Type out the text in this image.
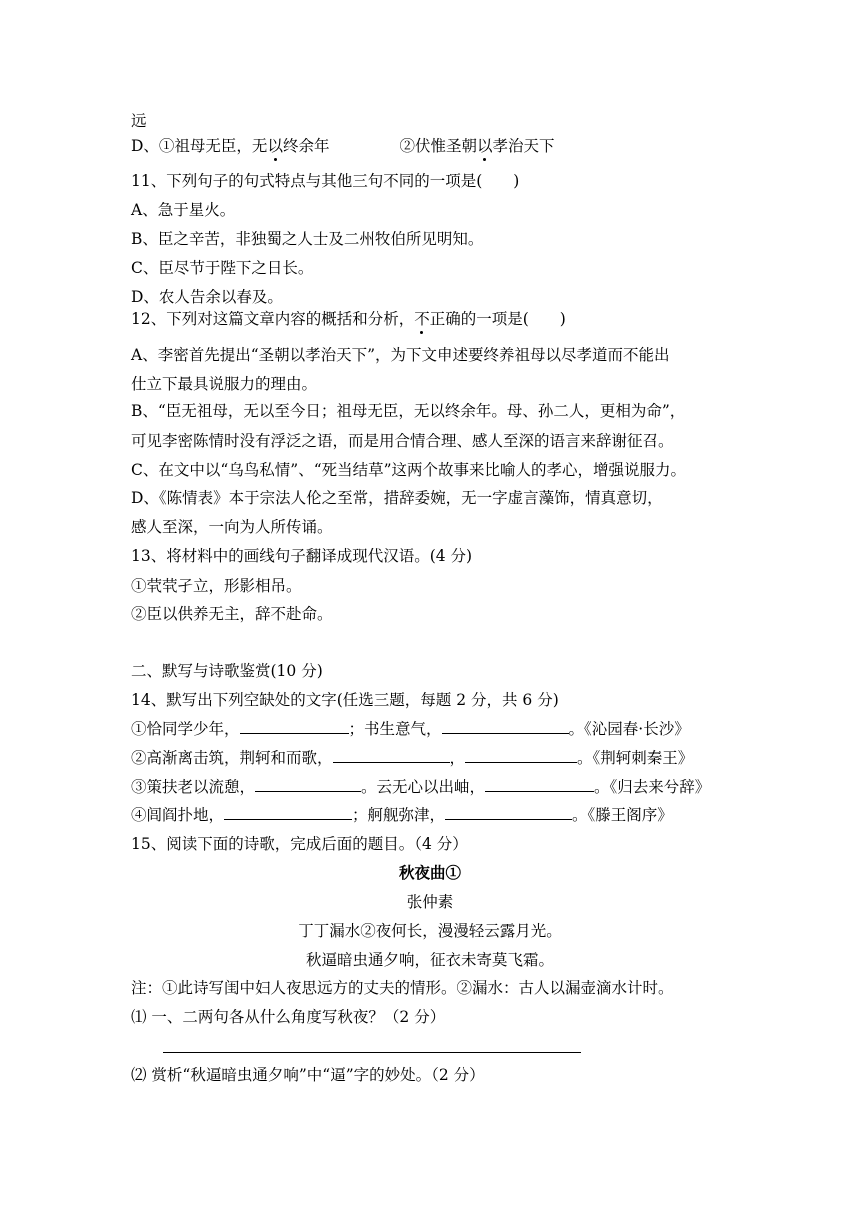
远
D、①祖母无臣，无以终余年	②伏惟圣朝以孝治天下
11、下列句子的句式特点与其他三句不同的一项是(　　)
A、急于星火。
B、臣之辛苦，非独蜀之人士及二州牧伯所见明知。
C、臣尽节于陛下之日长。
D、农人告余以春及。
12、下列对这篇文章内容的概括和分析，不正确的一项是(　　)
A、李密首先提出“圣朝以孝治天下”，为下文申述要终养祖母以尽孝道而不能出
仕立下最具说服力的理由。
B、“臣无祖母，无以至今日；祖母无臣，无以终余年。母、孙二人，更相为命”，
可见李密陈情时没有浮泛之语，而是用合情合理、感人至深的语言来辞谢征召。
C、在文中以“乌鸟私情”、“死当结草”这两个故事来比喻人的孝心，增强说服力。
D、《陈情表》本于宗法人伦之至常，措辞委婉，无一字虚言藻饰，情真意切，
感人至深，一向为人所传诵。
13、将材料中的画线句子翻译成现代汉语。(4 分)
①茕茕孑立，形影相吊。
②臣以供养无主，辞不赴命。
二、默写与诗歌鉴赏(10 分)
14、默写出下列空缺处的文字(任选三题，每题 2 分，共 6 分)
①恰同学少年，	；书生意气，	。《沁园春·长沙》
②高渐离击筑，荆轲和而歌，	，	。《荆轲刺秦王》
③策扶老以流憩，	。云无心以出岫，	。《归去来兮辞》
④闾阎扑地，	；舸舰弥津，	。《滕王阁序》
15、阅读下面的诗歌，完成后面的题目。（4 分）
秋夜曲①
张仲素
丁丁漏水②夜何长，漫漫轻云露月光。
秋逼暗虫通夕响，征衣未寄莫飞霜。
注：①此诗写闺中妇人夜思远方的丈夫的情形。②漏水：古人以漏壶滴水计时。
⑴ 一、二两句各从什么角度写秋夜？（2 分）
⑵ 赏析“秋逼暗虫通夕响”中“逼”字的妙处。（2 分）
